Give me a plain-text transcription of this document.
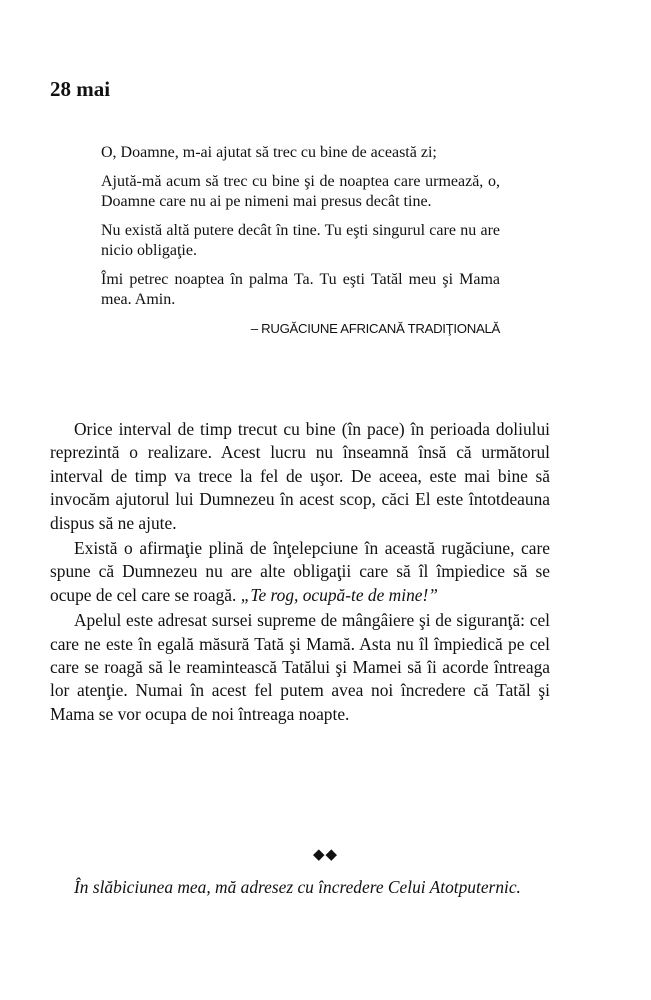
28 mai

O, Doamne, m-ai ajutat să trec cu bine de această zi;

Ajută-mă acum să trec cu bine şi de noaptea care urmează, o, Doamne care nu ai pe nimeni mai presus decât tine.

Nu există altă putere decât în tine. Tu eşti singurul care nu are nicio obligaţie.

Îmi petrec noaptea în palma Ta. Tu eşti Tatăl meu şi Mama mea. Amin.

– RUGĂCIUNE AFRICANĂ TRADIŢIONALĂ

Orice interval de timp trecut cu bine (în pace) în perioada doliului reprezintă o realizare. Acest lucru nu înseamnă însă că următorul interval de timp va trece la fel de uşor. De aceea, este mai bine să invocăm ajutorul lui Dumnezeu în acest scop, căci El este întotdeauna dispus să ne ajute.

Există o afirmaţie plină de înţelepciune în această rugăciune, care spune că Dumnezeu nu are alte obligaţii care să îl împiedice să se ocupe de cel care se roagă. „Te rog, ocupă-te de mine!”

Apelul este adresat sursei supreme de mângâiere şi de siguranţă: cel care ne este în egală măsură Tată şi Mamă. Asta nu îl împiedică pe cel care se roagă să le reamintească Tatălui şi Mamei să îi acorde întreaga lor atenţie. Numai în acest fel putem avea noi încredere că Tatăl şi Mama se vor ocupa de noi întreaga noapte.

◆◆

În slăbiciunea mea, mă adresez cu încredere Celui Atotputernic.
